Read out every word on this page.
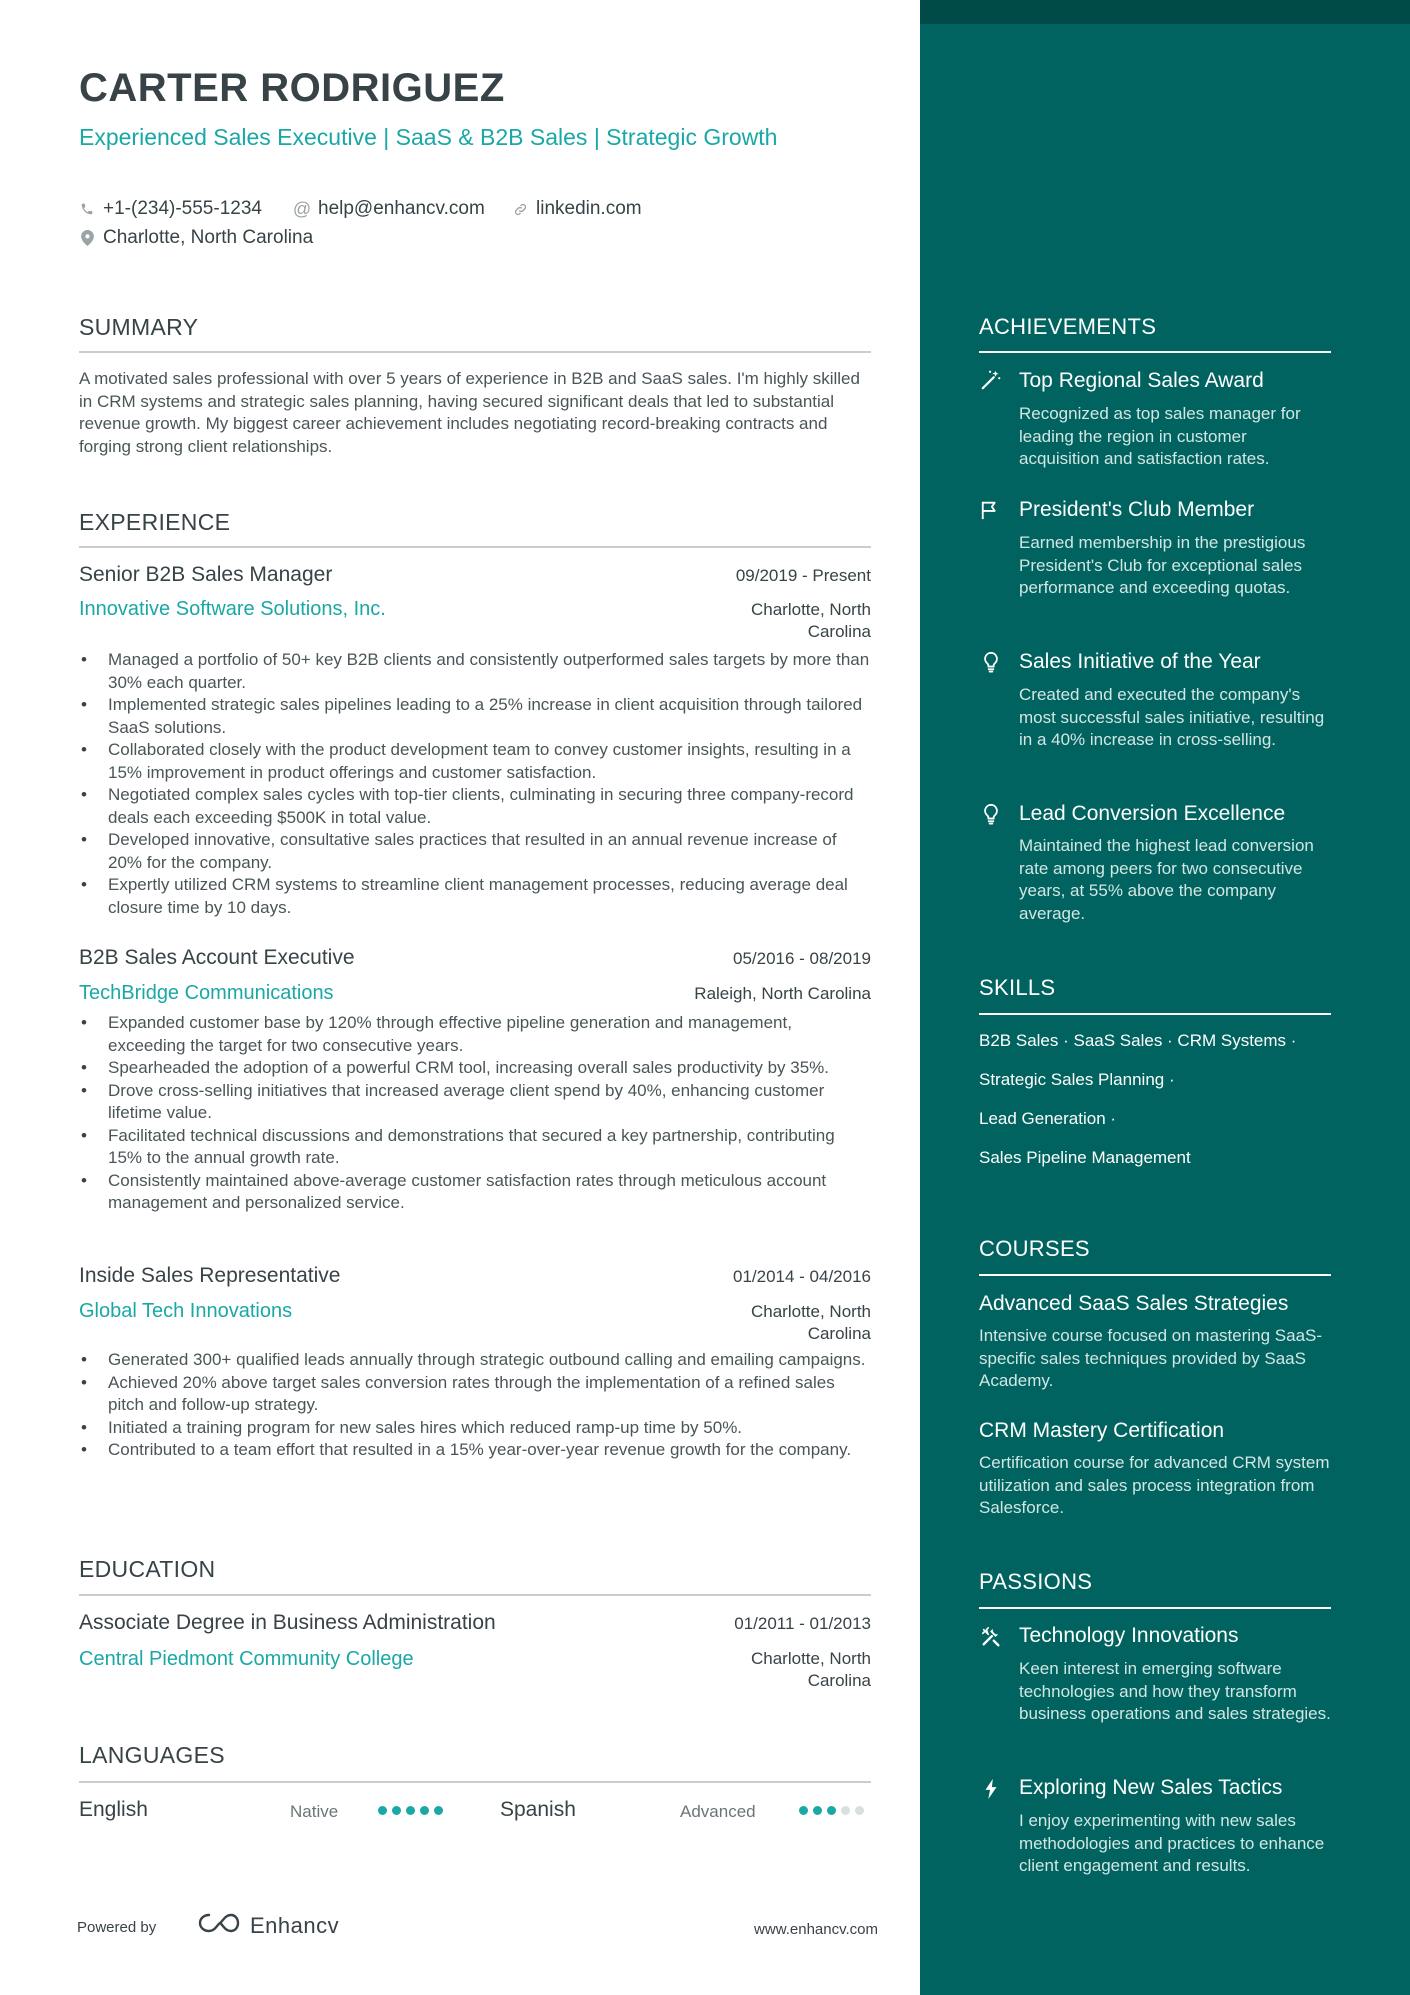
CARTER RODRIGUEZ
Experienced Sales Executive | SaaS & B2B Sales | Strategic Growth
+1-(234)-555-1234 @ help@enhancv.com	linkedin.com
Charlotte, North Carolina
SUMMARY
A motivated sales professional with over 5 years of experience in B2B and SaaS sales. I'm highly skilled in CRM systems and strategic sales planning, having secured significant deals that led to substantial revenue growth. My biggest career achievement includes negotiating record-breaking contracts and forging strong client relationships.
EXPERIENCE
Senior B2B Sales Manager	09/2019 - Present
Innovative Software Solutions, Inc.	Charlotte, North Carolina
• Managed a portfolio of 50+ key B2B clients and consistently outperformed sales targets by more than 30% each quarter.
• Implemented strategic sales pipelines leading to a 25% increase in client acquisition through tailored SaaS solutions.
• Collaborated closely with the product development team to convey customer insights, resulting in a 15% improvement in product offerings and customer satisfaction.
• Negotiated complex sales cycles with top-tier clients, culminating in securing three company-record deals each exceeding $500K in total value.
• Developed innovative, consultative sales practices that resulted in an annual revenue increase of 20% for the company.
• Expertly utilized CRM systems to streamline client management processes, reducing average deal closure time by 10 days.
B2B Sales Account Executive	05/2016 - 08/2019
TechBridge Communications	Raleigh, North Carolina
• Expanded customer base by 120% through effective pipeline generation and management, exceeding the target for two consecutive years.
• Spearheaded the adoption of a powerful CRM tool, increasing overall sales productivity by 35%.
• Drove cross-selling initiatives that increased average client spend by 40%, enhancing customer lifetime value.
• Facilitated technical discussions and demonstrations that secured a key partnership, contributing 15% to the annual growth rate.
• Consistently maintained above-average customer satisfaction rates through meticulous account management and personalized service.
Inside Sales Representative	01/2014 - 04/2016
Global Tech Innovations	Charlotte, North Carolina
• Generated 300+ qualified leads annually through strategic outbound calling and emailing campaigns.
• Achieved 20% above target sales conversion rates through the implementation of a refined sales pitch and follow-up strategy.
• Initiated a training program for new sales hires which reduced ramp-up time by 50%.
• Contributed to a team effort that resulted in a 15% year-over-year revenue growth for the company.
EDUCATION
Associate Degree in Business Administration	01/2011 - 01/2013
Central Piedmont Community College	Charlotte, North Carolina
LANGUAGES
English	Native	Spanish	Advanced
Powered by	Enhancv	www.enhancv.com
ACHIEVEMENTS
Top Regional Sales Award
Recognized as top sales manager for leading the region in customer acquisition and satisfaction rates.
President's Club Member
Earned membership in the prestigious President's Club for exceptional sales performance and exceeding quotas.
Sales Initiative of the Year
Created and executed the company's most successful sales initiative, resulting in a 40% increase in cross-selling.
Lead Conversion Excellence
Maintained the highest lead conversion rate among peers for two consecutive years, at 55% above the company average.
SKILLS
B2B Sales · SaaS Sales · CRM Systems ·
Strategic Sales Planning ·
Lead Generation ·
Sales Pipeline Management
COURSES
Advanced SaaS Sales Strategies
Intensive course focused on mastering SaaS-specific sales techniques provided by SaaS Academy.
CRM Mastery Certification
Certification course for advanced CRM system utilization and sales process integration from Salesforce.
PASSIONS
Technology Innovations
Keen interest in emerging software technologies and how they transform business operations and sales strategies.
Exploring New Sales Tactics
I enjoy experimenting with new sales methodologies and practices to enhance client engagement and results.
